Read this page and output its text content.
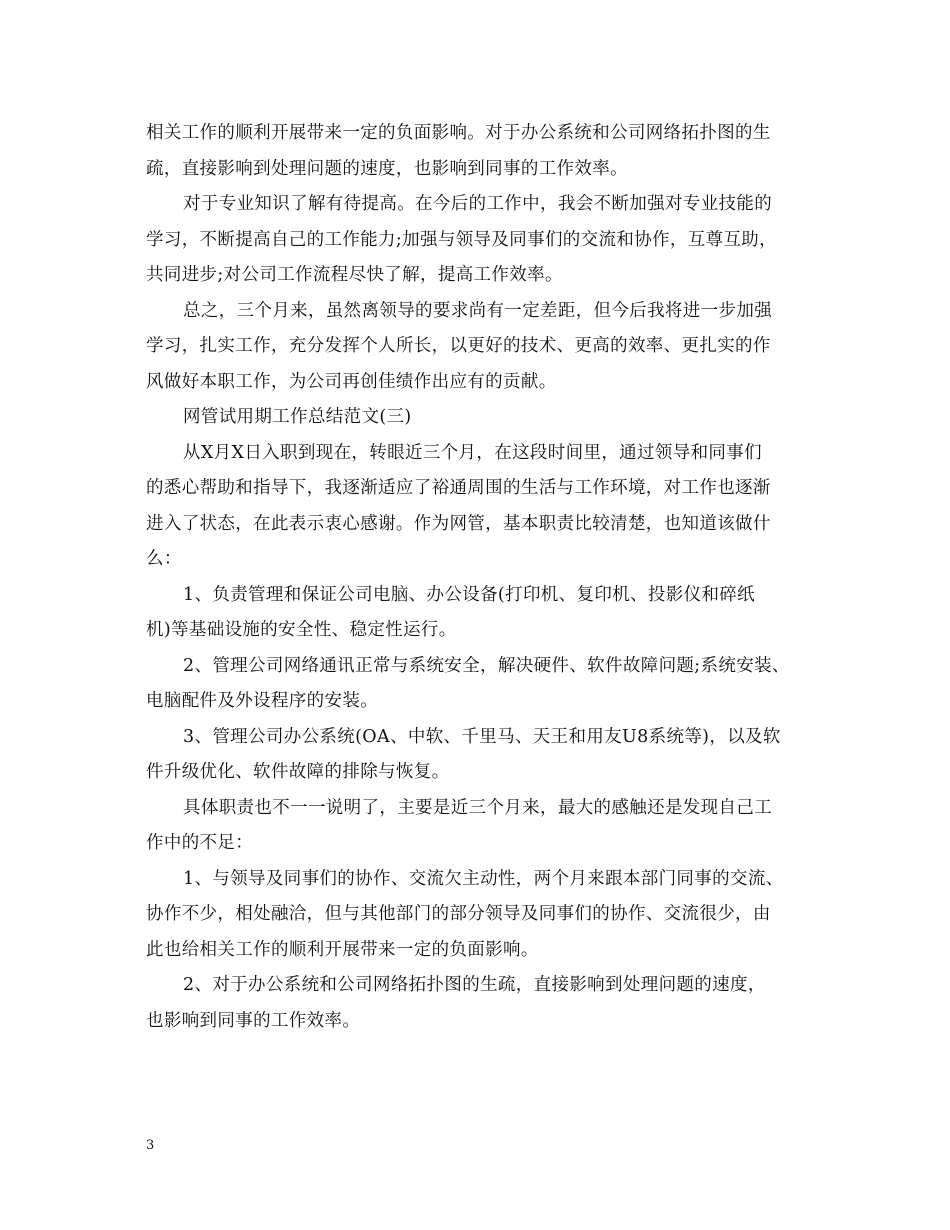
相关工作的顺利开展带来一定的负面影响。对于办公系统和公司网络拓扑图的生
疏，直接影响到处理问题的速度，也影响到同事的工作效率。
对于专业知识了解有待提高。在今后的工作中，我会不断加强对专业技能的
学习，不断提高自己的工作能力;加强与领导及同事们的交流和协作，互尊互助，
共同进步;对公司工作流程尽快了解，提高工作效率。
总之，三个月来，虽然离领导的要求尚有一定差距，但今后我将进一步加强
学习，扎实工作，充分发挥个人所长，以更好的技术、更高的效率、更扎实的作
风做好本职工作，为公司再创佳绩作出应有的贡献。
网管试用期工作总结范文(三)
从X月X日入职到现在，转眼近三个月，在这段时间里，通过领导和同事们
的悉心帮助和指导下，我逐渐适应了裕通周围的生活与工作环境，对工作也逐渐
进入了状态，在此表示衷心感谢。作为网管，基本职责比较清楚，也知道该做什
么：
1、负责管理和保证公司电脑、办公设备(打印机、复印机、投影仪和碎纸
机)等基础设施的安全性、稳定性运行。
2、管理公司网络通讯正常与系统安全，解决硬件、软件故障问题;系统安装、
电脑配件及外设程序的安装。
3、管理公司办公系统(OA、中软、千里马、天王和用友U8系统等)，以及软
件升级优化、软件故障的排除与恢复。
具体职责也不一一说明了，主要是近三个月来，最大的感触还是发现自己工
作中的不足：
1、与领导及同事们的协作、交流欠主动性，两个月来跟本部门同事的交流、
协作不少，相处融洽，但与其他部门的部分领导及同事们的协作、交流很少，由
此也给相关工作的顺利开展带来一定的负面影响。
2、对于办公系统和公司网络拓扑图的生疏，直接影响到处理问题的速度，
也影响到同事的工作效率。
3
